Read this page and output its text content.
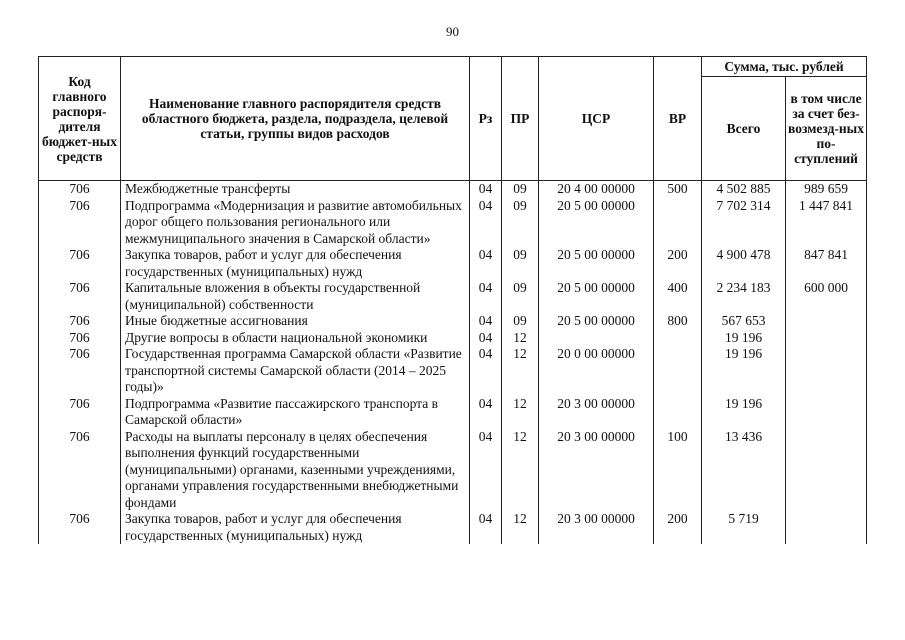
90
Код главного распоря-дителя бюджет-ных средств	Наименование главного распорядителя средств областного бюджета, раздела, подраздела, целевой статьи, группы видов расходов	Рз	ПР	ЦСР	ВР	Сумма, тыс. рублей	
						Всего	в том числе за счет без-возмезд-ных по-ступлений
706	Межбюджетные трансферты	04	09	20 4 00 00000	500	4 502 885	989 659
706	Подпрограмма «Модернизация и развитие автомобильных дорог общего пользования регионального или межмуниципального значения в Самарской области»	04	09	20 5 00 00000		7 702 314	1 447 841
706	Закупка товаров, работ и услуг для обеспечения государственных (муниципальных) нужд	04	09	20 5 00 00000	200	4 900 478	847 841
706	Капитальные вложения в объекты государственной (муниципальной) собственности	04	09	20 5 00 00000	400	2 234 183	600 000
706	Иные бюджетные ассигнования	04	09	20 5 00 00000	800	567 653	
706	Другие вопросы в области национальной экономики	04	12			19 196	
706	Государственная программа Самарской области «Развитие транспортной системы Самарской области (2014 – 2025 годы)»	04	12	20 0 00 00000		19 196	
706	Подпрограмма «Развитие пассажирского транспорта в Самарской области»	04	12	20 3 00 00000		19 196	
706	Расходы на выплаты персоналу в целях обеспечения выполнения функций государственными (муниципальными) органами, казенными учреждениями, органами управления государственными внебюджетными фондами	04	12	20 3 00 00000	100	13 436	
706	Закупка товаров, работ и услуг для обеспечения государственных (муниципальных) нужд	04	12	20 3 00 00000	200	5 719	
